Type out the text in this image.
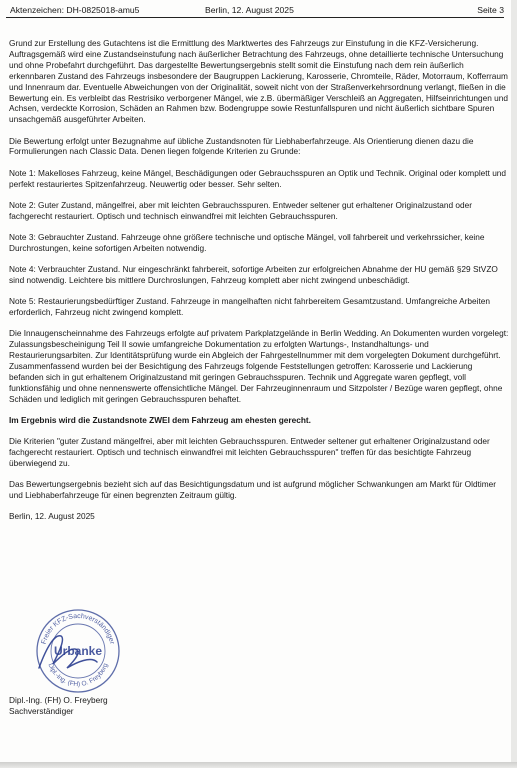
Aktenzeichen: DH-0825018-amu5	Berlin, 12. August 2025	Seite 3

Grund zur Erstellung des Gutachtens ist die Ermittlung des Marktwertes des Fahrzeugs zur Einstufung in die KFZ-Versicherung. Auftragsgemäß wird eine Zustandseinstufung nach äußerlicher Betrachtung des Fahrzeugs, ohne detaillierte technische Untersuchung und ohne Probefahrt durchgeführt. Das dargestellte Bewertungsergebnis stellt somit die Einstufung nach dem rein äußerlich erkennbaren Zustand des Fahrzeugs insbesondere der Baugruppen Lackierung, Karosserie, Chromteile, Räder, Motorraum, Kofferraum und Innenraum dar. Eventuelle Abweichungen von der Originalität, soweit nicht von der Straßenverkehrsordnung verlangt, fließen in die Bewertung ein. Es verbleibt das Restrisiko verborgener Mängel, wie z.B. übermäßiger Verschleiß an Aggregaten, Hilfseinrichtungen und Achsen, verdeckte Korrosion, Schäden an Rahmen bzw. Bodengruppe sowie Restunfallspuren und nicht äußerlich sichtbare Spuren unsachgemäß ausgeführter Arbeiten.

Die Bewertung erfolgt unter Bezugnahme auf übliche Zustandsnoten für Liebhaberfahrzeuge. Als Orientierung dienen dazu die Formulierungen nach Classic Data. Denen liegen folgende Kriterien zu Grunde:

Note 1: Makelloses Fahrzeug, keine Mängel, Beschädigungen oder Gebrauchsspuren an Optik und Technik. Original oder komplett und perfekt restauriertes Spitzenfahrzeug. Neuwertig oder besser. Sehr selten.

Note 2: Guter Zustand, mängelfrei, aber mit leichten Gebrauchsspuren. Entweder seltener gut erhaltener Originalzustand oder fachgerecht restauriert. Optisch und technisch einwandfrei mit leichten Gebrauchsspuren.

Note 3: Gebrauchter Zustand. Fahrzeuge ohne größere technische und optische Mängel, voll fahrbereit und verkehrssicher, keine Durchrostungen, keine sofortigen Arbeiten notwendig.

Note 4: Verbrauchter Zustand. Nur eingeschränkt fahrbereit, sofortige Arbeiten zur erfolgreichen Abnahme der HU gemäß §29 StVZO sind notwendig. Leichtere bis mittlere Durchroslungen, Fahrzeug komplett aber nicht zwingend unbeschädigt.

Note 5: Restaurierungsbedürftiger Zustand. Fahrzeuge in mangelhaften nicht fahrbereitem Gesamtzustand. Umfangreiche Arbeiten erforderlich, Fahrzeug nicht zwingend komplett.

Die Innaugenscheinnahme des Fahrzeugs erfolgte auf privatem Parkplatzgelände in Berlin Wedding. An Dokumenten wurden vorgelegt: Zulassungsbescheinigung Teil II sowie umfangreiche Dokumentation zu erfolgten Wartungs-, Instandhaltungs- und Restaurierungsarbiten. Zur Identitätsprüfung wurde ein Abgleich der Fahrgestellnummer mit dem vorgelegten Dokument durchgeführt. Zusammenfassend wurden bei der Besichtigung des Fahrzeugs folgende Feststellungen getroffen: Karosserie und Lackierung befanden sich in gut erhaltenem Originalzustand mit geringen Gebrauchsspuren. Technik und Aggregate waren gepflegt, voll funktionsfähig und ohne nennenswerte offensichtliche Mängel. Der Fahrzeuginnenraum und Sitzpolster / Bezüge waren gepflegt, ohne Schäden und lediglich mit geringen Gebrauchsspuren behaftet.

Im Ergebnis wird die Zustandsnote ZWEI dem Fahrzeug am ehesten gerecht.

Die Kriterien "guter Zustand mängelfrei, aber mit leichten Gebrauchsspuren. Entweder seltener gut erhaltener Originalzustand oder fachgerecht restauriert. Optisch und technisch einwandfrei mit leichten Gebrauchsspuren" treffen für das besichtigte Fahrzeug überwiegend zu.

Das Bewertungsergebnis bezieht sich auf das Besichtigungsdatum und ist aufgrund möglicher Schwankungen am Markt für Oldtimer und Liebhaberfahrzeuge für einen begrenzten Zeitraum gültig.

Berlin, 12. August 2025

Freier KFZ-Sachverständiger
Dipl.-Ing. (FH) O. Freyberg
Urbanke
Dipl.-Ing. (FH) O. Freyberg
Sachverständiger
